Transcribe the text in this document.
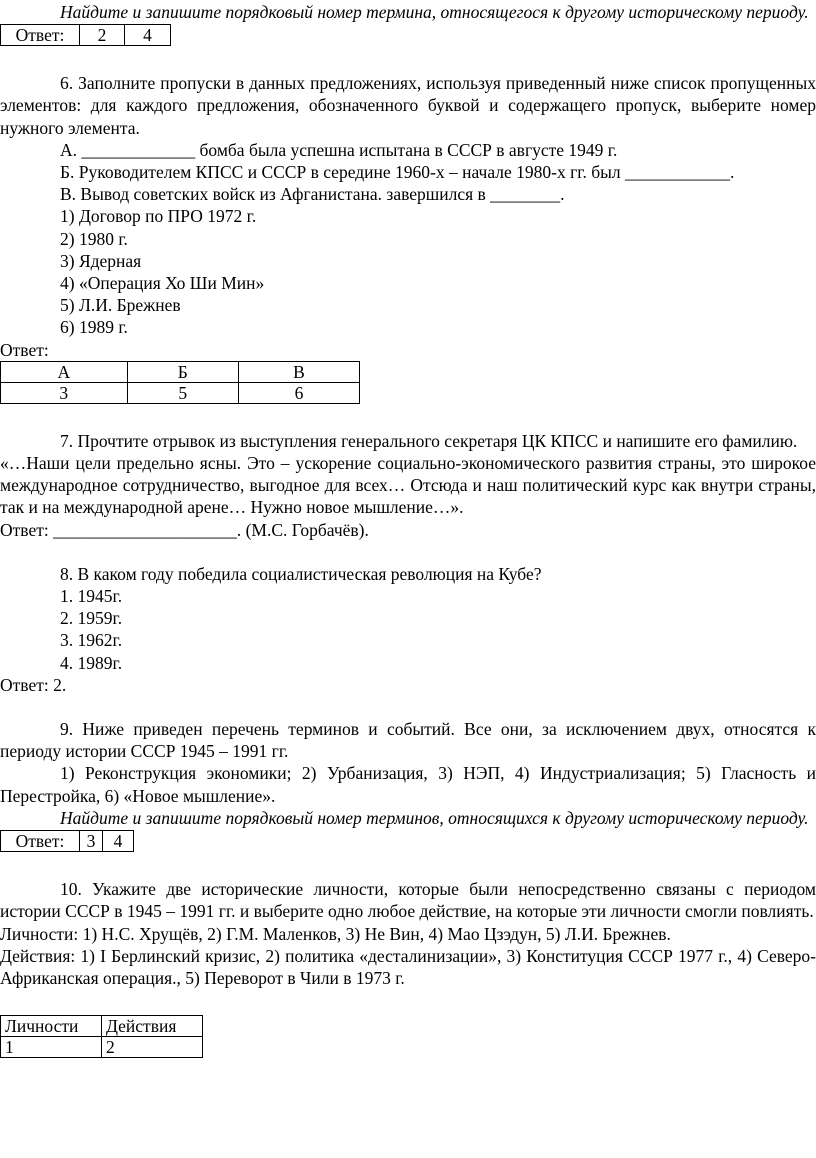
Найдите и запишите порядковый номер термина, относящегося к другому историческому периоду.

Ответ:	2	4

6. Заполните пропуски в данных предложениях, используя приведенный ниже список пропущенных элементов: для каждого предложения, обозначенного буквой и содержащего пропуск, выберите номер нужного элемента.

А. _____________ бомба была успешна испытана в СССР в августе 1949 г.

Б. Руководителем КПСС и СССР в середине 1960-х – начале 1980-х гг. был ____________.

В. Вывод советских войск из Афганистана. завершился в ________.

1) Договор по ПРО 1972 г.

2) 1980 г.

3) Ядерная

4) «Операция Хо Ши Мин»

5) Л.И. Брежнев

6) 1989 г.

Ответ:

А	Б	В
3	5	6

7. Прочтите отрывок из выступления генерального секретаря ЦК КПСС и напишите его фамилию.

«…Наши цели предельно ясны. Это – ускорение социально-экономического развития страны, это широкое международное сотрудничество, выгодное для всех… Отсюда и наш политический курс как внутри страны, так и на международной арене… Нужно новое мышление…».

Ответ: _____________________. (М.С. Горбачёв).

8. В каком году победила социалистическая революция на Кубе?

1. 1945г.

2. 1959г.

3. 1962г.

4. 1989г.

Ответ: 2.

9. Ниже приведен перечень терминов и событий. Все они, за исключением двух, относятся к периоду истории СССР 1945 – 1991 гг.

1) Реконструкция экономики; 2) Урбанизация, 3) НЭП, 4) Индустриализация; 5) Гласность и Перестройка, 6) «Новое мышление».

Найдите и запишите порядковый номер терминов, относящихся к другому историческому периоду.

Ответ:	3	4

10. Укажите две исторические личности, которые были непосредственно связаны с периодом истории СССР в 1945 – 1991 гг. и выберите одно любое действие, на которые эти личности смогли повлиять.

Личности: 1) Н.С. Хрущёв, 2) Г.М. Маленков, 3) Не Вин, 4) Мао Цзэдун, 5) Л.И. Брежнев.

Действия: 1) I Берлинский кризис, 2) политика «десталинизации», 3) Конституция СССР 1977 г., 4) Северо-Африканская операция., 5) Переворот в Чили в 1973 г.

Личности	Действия
1	2
